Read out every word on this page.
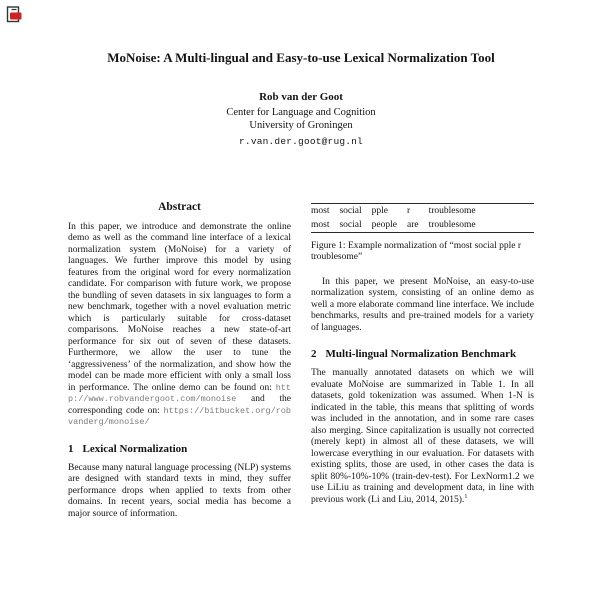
MoNoise: A Multi-lingual and Easy-to-use Lexical Normalization Tool
Rob van der Goot
Center for Language and Cognition
University of Groningen
r.van.der.goot@rug.nl
Abstract

In this paper, we introduce and demonstrate the online demo as well as the command line interface of a lexical normalization system (MoNoise) for a variety of languages. We further improve this model by using features from the original word for every normalization candidate. For comparison with future work, we propose the bundling of seven datasets in six languages to form a new benchmark, together with a novel evaluation metric which is particularly suitable for cross-dataset comparisons. MoNoise reaches a new state-of-art performance for six out of seven of these datasets. Furthermore, we allow the user to tune the ‘aggressiveness’ of the normalization, and show how the model can be made more efficient with only a small loss in performance. The online demo can be found on: http://www.robvandergoot.com/monoise and the corresponding code on: https://bitbucket.org/robvanderg/monoise/

1 Lexical Normalization

Because many natural language processing (NLP) systems are designed with standard texts in mind, they suffer performance drops when applied to texts from other domains. In recent years, social media has become a major source of information.

most	social	pple	r	troublesome
most	social	people	are	troublesome
Figure 1: Example normalization of “most social pple r troublesome”

In this paper, we present MoNoise, an easy-to-use normalization system, consisting of an online demo as well a more elaborate command line interface. We include benchmarks, results and pre-trained models for a variety of languages.

2 Multi-lingual Normalization Benchmark

The manually annotated datasets on which we will evaluate MoNoise are summarized in Table 1. In all datasets, gold tokenization was assumed. When 1-N is indicated in the table, this means that splitting of words was included in the annotation, and in some rare cases also merging. Since capitalization is usually not corrected (merely kept) in almost all of these datasets, we will lowercase everything in our evaluation. For datasets with existing splits, those are used, in other cases the data is split 80%-10%-10% (train-dev-test). For LexNorm1.2 we use LiLiu as training and development data, in line with previous work (Li and Liu, 2014, 2015).$^1$
